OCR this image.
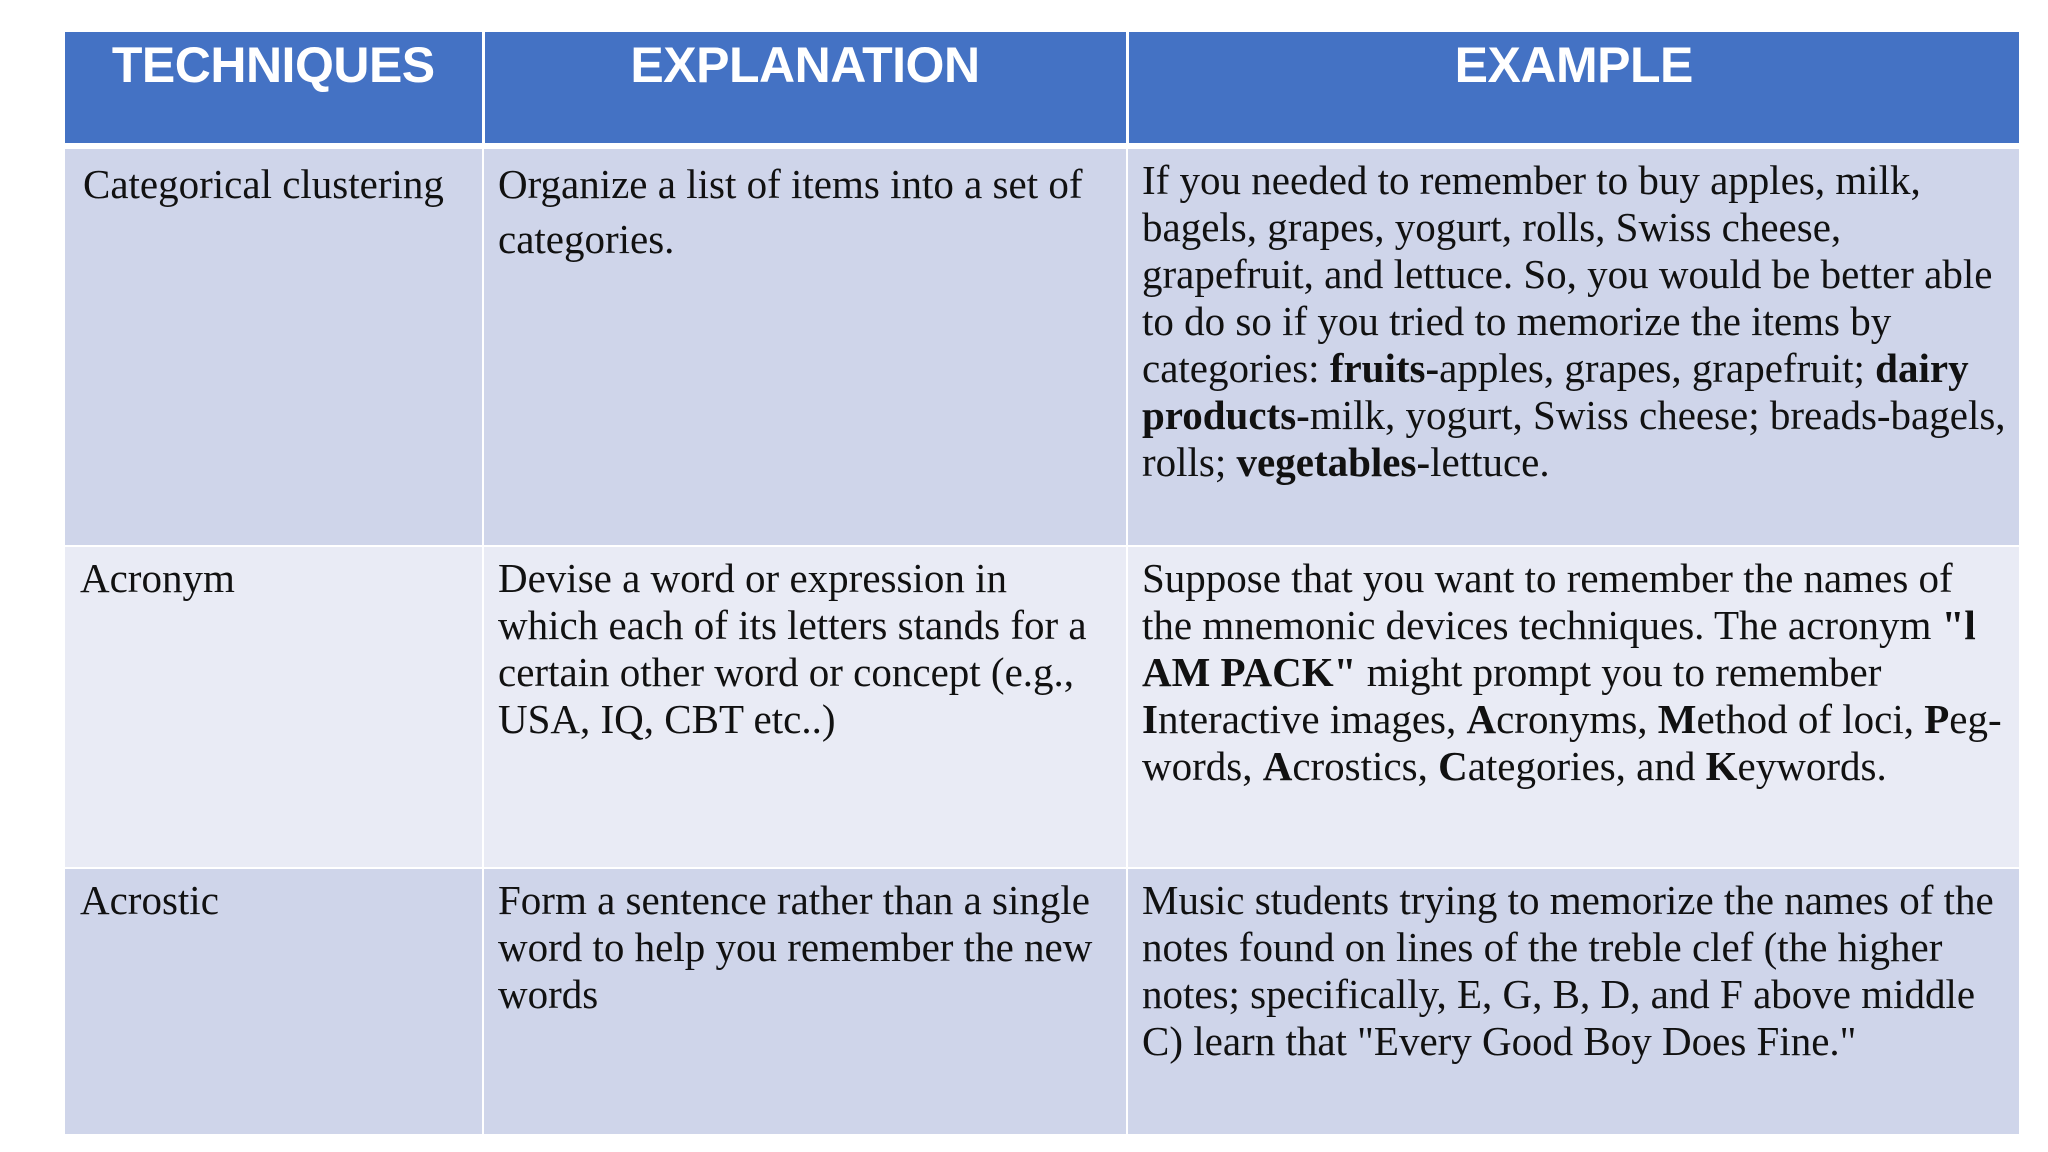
TECHNIQUES	EXPLANATION	EXAMPLE
Categorical clustering	Organize a list of items into a set of categories.	If you needed to remember to buy apples, milk, bagels, grapes, yogurt, rolls, Swiss cheese, grapefruit, and lettuce. So, you would be better able to do so if you tried to memorize the items by categories: fruits-apples, grapes, grapefruit; dairy products-milk, yogurt, Swiss cheese; breads-bagels, rolls; vegetables-lettuce.
Acronym	Devise a word or expression in which each of its letters stands for a certain other word or concept (e.g., USA, IQ, CBT etc..)	Suppose that you want to remember the names of the mnemonic devices techniques. The acronym "l AM PACK" might prompt you to remember Interactive images, Acronyms, Method of loci, Peg-words, Acrostics, Categories, and Keywords.
Acrostic	Form a sentence rather than a single word to help you remember the new words	Music students trying to memorize the names of the notes found on lines of the treble clef (the higher notes; specifically, E, G, B, D, and F above middle C) learn that "Every Good Boy Does Fine."
